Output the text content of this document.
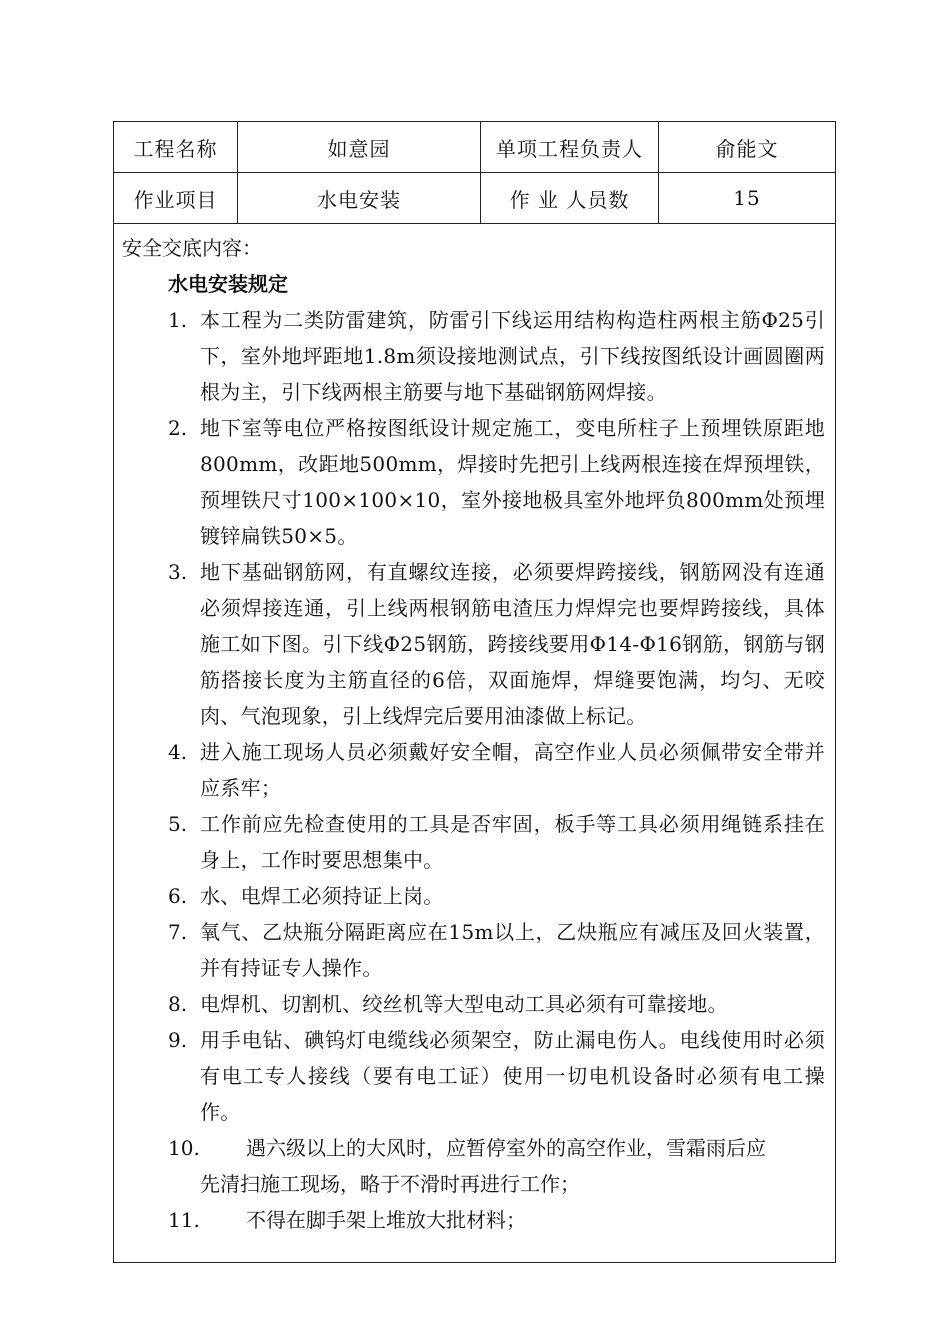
工程名称	如意园	单项工程负责人	俞能文
作业项目	水电安装	作 业 人员数	15
安全交底内容：
水电安装规定
1. 本工程为二类防雷建筑，防雷引下线运用结构构造柱两根主筋Φ25引下，室外地坪距地1.8m须设接地测试点，引下线按图纸设计画圆圈两根为主，引下线两根主筋要与地下基础钢筋网焊接。
2. 地下室等电位严格按图纸设计规定施工，变电所柱子上预埋铁原距地800mm，改距地500mm，焊接时先把引上线两根连接在焊预埋铁，预埋铁尺寸100×100×10，室外接地极具室外地坪负800mm处预埋镀锌扁铁50×5。
3. 地下基础钢筋网，有直螺纹连接，必须要焊跨接线，钢筋网没有连通必须焊接连通，引上线两根钢筋电渣压力焊焊完也要焊跨接线，具体施工如下图。引下线Φ25钢筋，跨接线要用Φ14-Φ16钢筋，钢筋与钢筋搭接长度为主筋直径的6倍，双面施焊，焊缝要饱满，均匀、无咬肉、气泡现象，引上线焊完后要用油漆做上标记。
4. 进入施工现场人员必须戴好安全帽，高空作业人员必须佩带安全带并应系牢；
5. 工作前应先检查使用的工具是否牢固，板手等工具必须用绳链系挂在身上，工作时要思想集中。
6. 水、电焊工必须持证上岗。
7. 氧气、乙炔瓶分隔距离应在15m以上，乙炔瓶应有减压及回火装置，并有持证专人操作。
8. 电焊机、切割机、绞丝机等大型电动工具必须有可靠接地。
9. 用手电钻、碘钨灯电缆线必须架空，防止漏电伤人。电线使用时必须有电工专人接线（要有电工证）使用一切电机设备时必须有电工操作。
10.	遇六级以上的大风时，应暂停室外的高空作业，雪霜雨后应
先清扫施工现场，略于不滑时再进行工作；
11.	不得在脚手架上堆放大批材料；
